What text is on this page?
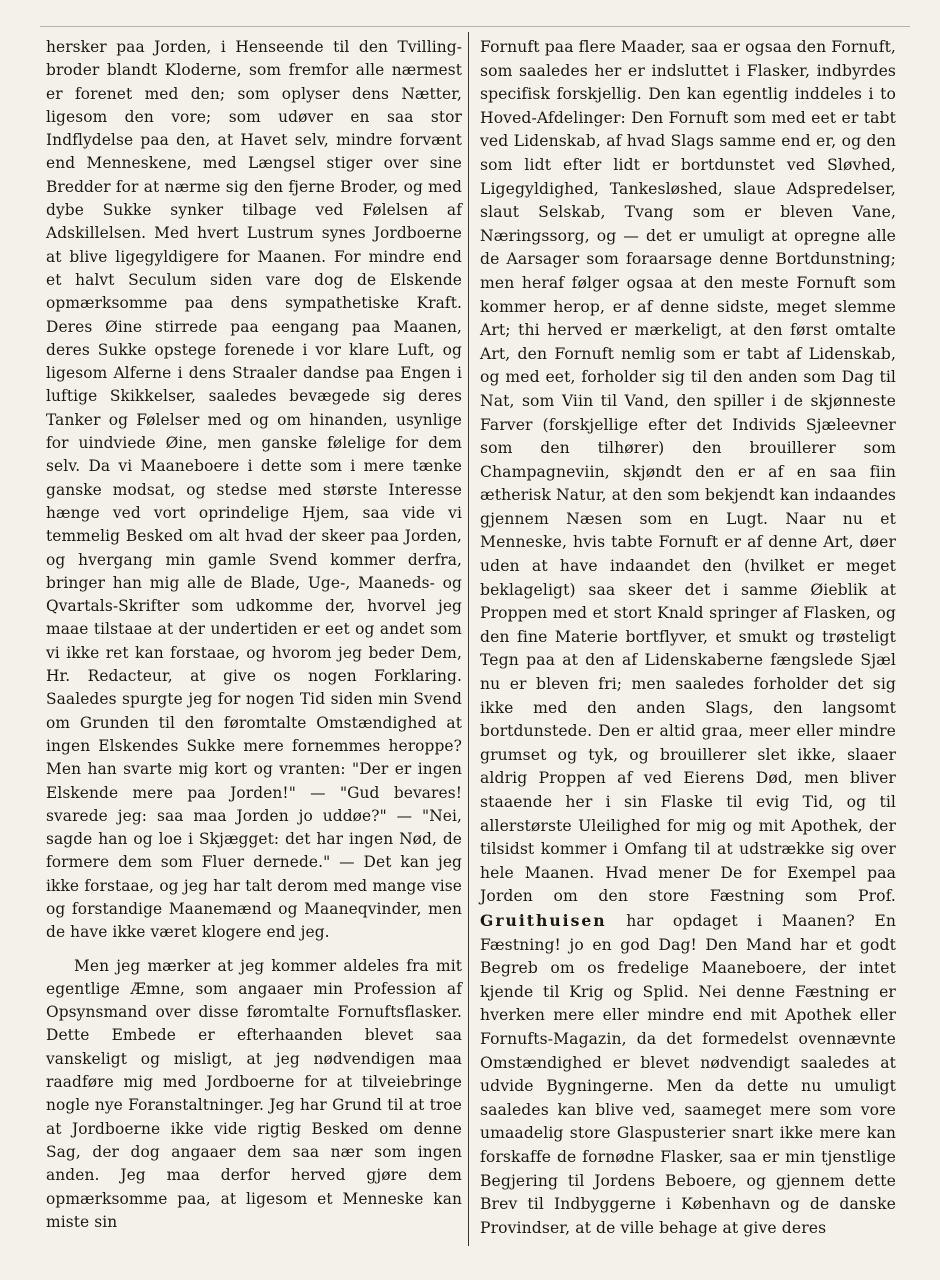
hersker paa Jorden, i Henseende til den Tvilling-broder blandt Kloderne, som fremfor alle nærmest er forenet med den; som oplyser dens Nætter, ligesom den vore; som udøver en saa stor Indflydelse paa den, at Havet selv, mindre forvænt end Menneskene, med Længsel stiger over sine Bredder for at nærme sig den fjerne Broder, og med dybe Sukke synker tilbage ved Følelsen af Adskillelsen. Med hvert Lustrum synes Jordboerne at blive ligegyldigere for Maanen. For mindre end et halvt Seculum siden vare dog de Elskende opmærksomme paa dens sympathetiske Kraft. Deres Øine stirrede paa eengang paa Maanen, deres Sukke opstege forenede i vor klare Luft, og ligesom Alferne i dens Straaler dandse paa Engen i luftige Skikkelser, saaledes bevægede sig deres Tanker og Følelser med og om hinanden, usynlige for uindviede Øine, men ganske følelige for dem selv. Da vi Maaneboere i dette som i mere tænke ganske modsat, og stedse med største Interesse hænge ved vort oprindelige Hjem, saa vide vi temmelig Besked om alt hvad der skeer paa Jorden, og hvergang min gamle Svend kommer derfra, bringer han mig alle de Blade, Uge-, Maaneds- og Qvartals-Skrifter som udkomme der, hvorvel jeg maae tilstaae at der undertiden er eet og andet som vi ikke ret kan forstaae, og hvorom jeg beder Dem, Hr. Redacteur, at give os nogen Forklaring. Saaledes spurgte jeg for nogen Tid siden min Svend om Grunden til den føromtalte Omstændighed at ingen Elskendes Sukke mere fornemmes heroppe? Men han svarte mig kort og vranten: "Der er ingen Elskende mere paa Jorden!" — "Gud bevares! svarede jeg: saa maa Jorden jo uddøe?" — "Nei, sagde han og loe i Skjægget: det har ingen Nød, de formere dem som Fluer dernede." — Det kan jeg ikke forstaae, og jeg har talt derom med mange vise og forstandige Maanemænd og Maaneqvinder, men de have ikke været klogere end jeg.

Men jeg mærker at jeg kommer aldeles fra mit egentlige Æmne, som angaaer min Profession af Opsynsmand over disse føromtalte Fornuftsflasker. Dette Embede er efterhaanden blevet saa vanskeligt og misligt, at jeg nødvendigen maa raadføre mig med Jordboerne for at tilveiebringe nogle nye Foranstaltninger. Jeg har Grund til at troe at Jordboerne ikke vide rigtig Besked om denne Sag, der dog angaaer dem saa nær som ingen anden. Jeg maa derfor herved gjøre dem opmærksomme paa, at ligesom et Menneske kan miste sin

Fornuft paa flere Maader, saa er ogsaa den Fornuft, som saaledes her er indsluttet i Flasker, indbyrdes specifisk forskjellig. Den kan egentlig inddeles i to Hoved-Afdelinger: Den Fornuft som med eet er tabt ved Lidenskab, af hvad Slags samme end er, og den som lidt efter lidt er bortdunstet ved Sløvhed, Ligegyldighed, Tankesløshed, slaue Adspredelser, slaut Selskab, Tvang som er bleven Vane, Næringssorg, og — det er umuligt at opregne alle de Aarsager som foraarsage denne Bortdunstning; men heraf følger ogsaa at den meste Fornuft som kommer herop, er af denne sidste, meget slemme Art; thi herved er mærkeligt, at den først omtalte Art, den Fornuft nemlig som er tabt af Lidenskab, og med eet, forholder sig til den anden som Dag til Nat, som Viin til Vand, den spiller i de skjønneste Farver (forskjellige efter det Individs Sjæleevner som den tilhører) den brouillerer som Champagneviin, skjøndt den er af en saa fiin ætherisk Natur, at den som bekjendt kan indaandes gjennem Næsen som en Lugt. Naar nu et Menneske, hvis tabte Fornuft er af denne Art, døer uden at have indaandet den (hvilket er meget beklageligt) saa skeer det i samme Øieblik at Proppen med et stort Knald springer af Flasken, og den fine Materie bortflyver, et smukt og trøsteligt Tegn paa at den af Lidenskaberne fængslede Sjæl nu er bleven fri; men saaledes forholder det sig ikke med den anden Slags, den langsomt bortdunstede. Den er altid graa, meer eller mindre grumset og tyk, og brouillerer slet ikke, slaaer aldrig Proppen af ved Eierens Død, men bliver staaende her i sin Flaske til evig Tid, og til allerstørste Uleilighed for mig og mit Apothek, der tilsidst kommer i Omfang til at udstrække sig over hele Maanen. Hvad mener De for Exempel paa Jorden om den store Fæstning som Prof. Gruithuisen har opdaget i Maanen? En Fæstning! jo en god Dag! Den Mand har et godt Begreb om os fredelige Maaneboere, der intet kjende til Krig og Splid. Nei denne Fæstning er hverken mere eller mindre end mit Apothek eller Fornufts-Magazin, da det formedelst ovennævnte Omstændighed er blevet nødvendigt saaledes at udvide Bygningerne. Men da dette nu umuligt saaledes kan blive ved, saameget mere som vore umaadelig store Glaspusterier snart ikke mere kan forskaffe de fornødne Flasker, saa er min tjenstlige Begjering til Jordens Beboere, og gjennem dette Brev til Indbyggerne i København og de danske Provindser, at de ville behage at give deres
